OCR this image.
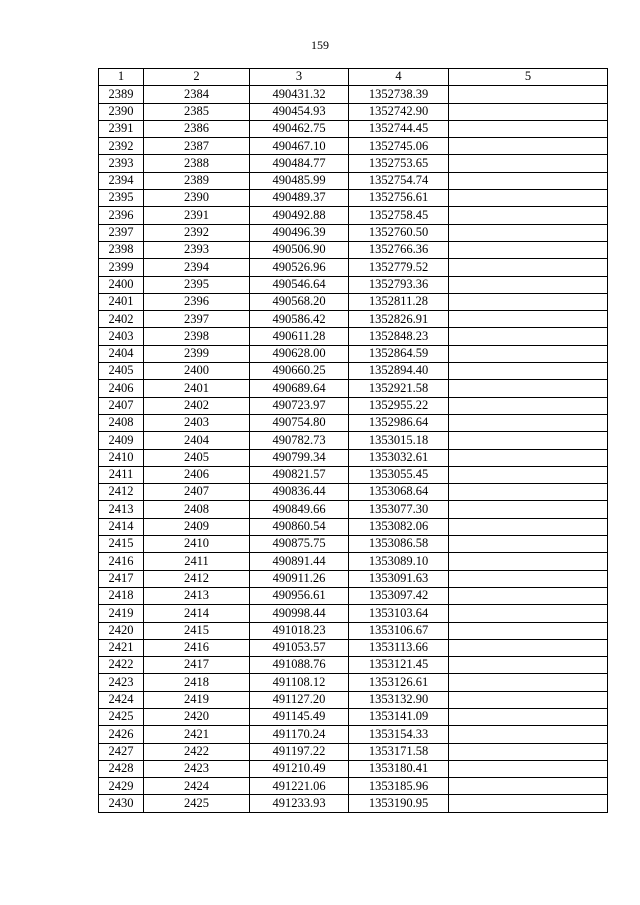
159
1	2	3	4	5
2389	2384	490431.32	1352738.39	
2390	2385	490454.93	1352742.90	
2391	2386	490462.75	1352744.45	
2392	2387	490467.10	1352745.06	
2393	2388	490484.77	1352753.65	
2394	2389	490485.99	1352754.74	
2395	2390	490489.37	1352756.61	
2396	2391	490492.88	1352758.45	
2397	2392	490496.39	1352760.50	
2398	2393	490506.90	1352766.36	
2399	2394	490526.96	1352779.52	
2400	2395	490546.64	1352793.36	
2401	2396	490568.20	1352811.28	
2402	2397	490586.42	1352826.91	
2403	2398	490611.28	1352848.23	
2404	2399	490628.00	1352864.59	
2405	2400	490660.25	1352894.40	
2406	2401	490689.64	1352921.58	
2407	2402	490723.97	1352955.22	
2408	2403	490754.80	1352986.64	
2409	2404	490782.73	1353015.18	
2410	2405	490799.34	1353032.61	
2411	2406	490821.57	1353055.45	
2412	2407	490836.44	1353068.64	
2413	2408	490849.66	1353077.30	
2414	2409	490860.54	1353082.06	
2415	2410	490875.75	1353086.58	
2416	2411	490891.44	1353089.10	
2417	2412	490911.26	1353091.63	
2418	2413	490956.61	1353097.42	
2419	2414	490998.44	1353103.64	
2420	2415	491018.23	1353106.67	
2421	2416	491053.57	1353113.66	
2422	2417	491088.76	1353121.45	
2423	2418	491108.12	1353126.61	
2424	2419	491127.20	1353132.90	
2425	2420	491145.49	1353141.09	
2426	2421	491170.24	1353154.33	
2427	2422	491197.22	1353171.58	
2428	2423	491210.49	1353180.41	
2429	2424	491221.06	1353185.96	
2430	2425	491233.93	1353190.95	
